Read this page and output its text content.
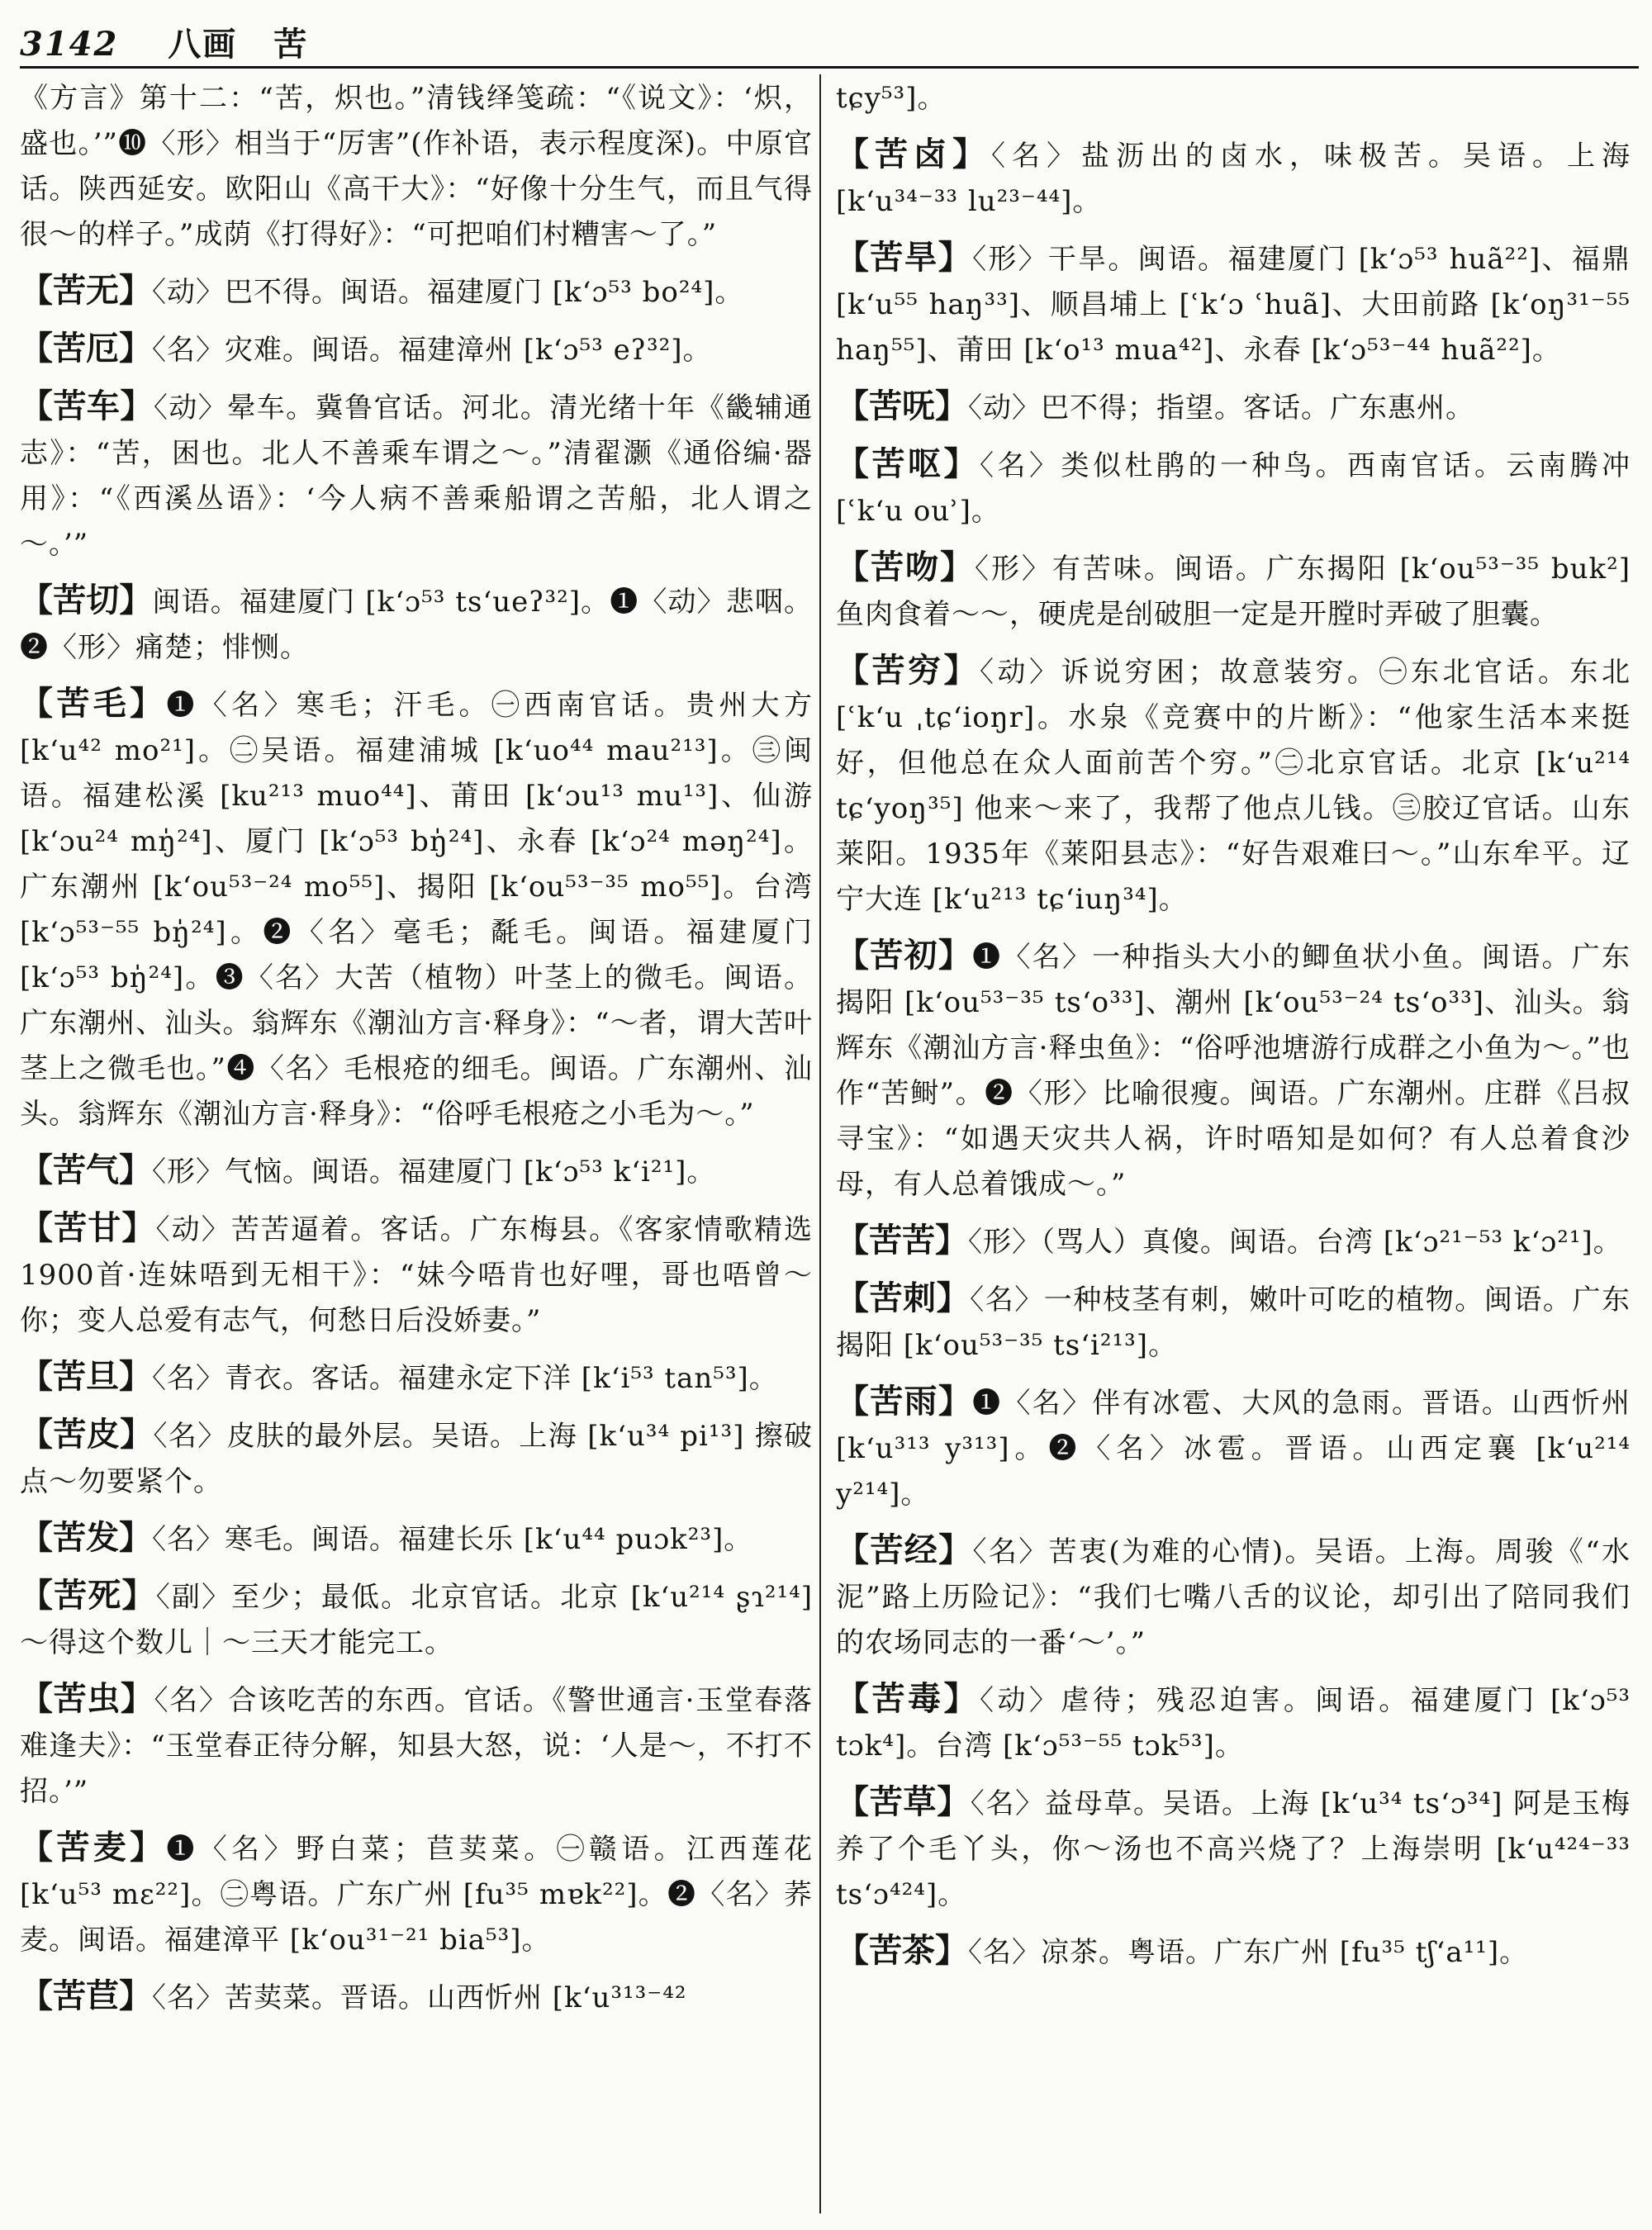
3142 八画 苦

《方言》第十二：“苦，炽也。”清钱绎笺疏：“《说文》：‘炽，盛也。’”❿〈形〉相当于“厉害”(作补语，表示程度深)。中原官话。陕西延安。欧阳山《高干大》：“好像十分生气，而且气得很～的样子。”成荫《打得好》：“可把咱们村糟害～了。”

【苦无】〈动〉巴不得。闽语。福建厦门 [k‘ɔ⁵³ bo²⁴]。

【苦厄】〈名〉灾难。闽语。福建漳州 [k‘ɔ⁵³ eʔ³²]。

【苦车】〈动〉晕车。冀鲁官话。河北。清光绪十年《畿辅通志》：“苦，困也。北人不善乘车谓之～。”清翟灏《通俗编·器用》：“《西溪丛语》：‘今人病不善乘船谓之苦船，北人谓之～。’”

【苦切】闽语。福建厦门 [k‘ɔ⁵³ ts‘ueʔ³²]。❶〈动〉悲咽。❷〈形〉痛楚；悱恻。

【苦毛】❶〈名〉寒毛；汗毛。㊀西南官话。贵州大方 [k‘u⁴² mo²¹]。㊁吴语。福建浦城 [k‘uo⁴⁴ mau²¹³]。㊂闽语。福建松溪 [ku²¹³ muo⁴⁴]、莆田 [k‘ɔu¹³ mu¹³]、仙游 [k‘ɔu²⁴ mŋ̍²⁴]、厦门 [k‘ɔ⁵³ bŋ̍²⁴]、永春 [k‘ɔ²⁴ məŋ²⁴]。广东潮州 [k‘ou⁵³⁻²⁴ mo⁵⁵]、揭阳 [k‘ou⁵³⁻³⁵ mo⁵⁵]。台湾 [k‘ɔ⁵³⁻⁵⁵ bŋ̍²⁴]。❷〈名〉毫毛；氄毛。闽语。福建厦门 [k‘ɔ⁵³ bŋ̍²⁴]。❸〈名〉大苦（植物）叶茎上的微毛。闽语。广东潮州、汕头。翁辉东《潮汕方言·释身》：“～者，谓大苦叶茎上之微毛也。”❹〈名〉毛根疮的细毛。闽语。广东潮州、汕头。翁辉东《潮汕方言·释身》：“俗呼毛根疮之小毛为～。”

【苦气】〈形〉气恼。闽语。福建厦门 [k‘ɔ⁵³ k‘i²¹]。

【苦甘】〈动〉苦苦逼着。客话。广东梅县。《客家情歌精选1900首·连妹唔到无相干》：“妹今唔肯也好哩，哥也唔曾～你；变人总爱有志气，何愁日后没娇妻。”

【苦旦】〈名〉青衣。客话。福建永定下洋 [k‘i⁵³ tan⁵³]。

【苦皮】〈名〉皮肤的最外层。吴语。上海 [k‘u³⁴ pi¹³] 擦破点～勿要紧个。

【苦发】〈名〉寒毛。闽语。福建长乐 [k‘u⁴⁴ puɔk²³]。

【苦死】〈副〉至少；最低。北京官话。北京 [k‘u²¹⁴ ʂɿ²¹⁴] ～得这个数儿｜～三天才能完工。

【苦虫】〈名〉合该吃苦的东西。官话。《警世通言·玉堂春落难逢夫》：“玉堂春正待分解，知县大怒，说：‘人是～，不打不招。’”

【苦麦】❶〈名〉野白菜；苣荬菜。㊀赣语。江西莲花 [k‘u⁵³ mɛ²²]。㊁粤语。广东广州 [fu³⁵ mɐk²²]。❷〈名〉荞麦。闽语。福建漳平 [k‘ou³¹⁻²¹ bia⁵³]。

【苦苣】〈名〉苦荬菜。晋语。山西忻州 [k‘u³¹³⁻⁴²

tɕy⁵³]。

【苦卤】〈名〉盐沥出的卤水，味极苦。吴语。上海 [k‘u³⁴⁻³³ lu²³⁻⁴⁴]。

【苦旱】〈形〉干旱。闽语。福建厦门 [k‘ɔ⁵³ huã²²]、福鼎 [k‘u⁵⁵ haŋ³³]、顺昌埔上 [ʿk‘ɔ ʿhuã]、大田前路 [k‘oŋ³¹⁻⁵⁵ haŋ⁵⁵]、莆田 [k‘o¹³ mua⁴²]、永春 [k‘ɔ⁵³⁻⁴⁴ huã²²]。

【苦呒】〈动〉巴不得；指望。客话。广东惠州。

【苦呕】〈名〉类似杜鹃的一种鸟。西南官话。云南腾冲 [ʿk‘u ouʾ]。

【苦吻】〈形〉有苦味。闽语。广东揭阳 [k‘ou⁵³⁻³⁵ buk²] 鱼肉食着～～，硬虎是刣破胆一定是开膛时弄破了胆囊。

【苦穷】〈动〉诉说穷困；故意装穷。㊀东北官话。东北 [ʿk‘u ˌtɕ‘ioŋr]。水泉《竞赛中的片断》：“他家生活本来挺好，但他总在众人面前苦个穷。”㊁北京官话。北京 [k‘u²¹⁴ tɕ‘yoŋ³⁵] 他来～来了，我帮了他点儿钱。㊂胶辽官话。山东莱阳。1935年《莱阳县志》：“好告艰难曰～。”山东牟平。辽宁大连 [k‘u²¹³ tɕ‘iuŋ³⁴]。

【苦初】❶〈名〉一种指头大小的鲫鱼状小鱼。闽语。广东揭阳 [k‘ou⁵³⁻³⁵ ts‘o³³]、潮州 [k‘ou⁵³⁻²⁴ ts‘o³³]、汕头。翁辉东《潮汕方言·释虫鱼》：“俗呼池塘游行成群之小鱼为～。”也作“苦鲥”。❷〈形〉比喻很瘦。闽语。广东潮州。庄群《吕叔寻宝》：“如遇天灾共人祸，许时唔知是如何？有人总着食沙母，有人总着饿成～。”

【苦苦】〈形〉（骂人）真傻。闽语。台湾 [k‘ɔ²¹⁻⁵³ k‘ɔ²¹]。

【苦刺】〈名〉一种枝茎有刺，嫩叶可吃的植物。闽语。广东揭阳 [k‘ou⁵³⁻³⁵ ts‘i²¹³]。

【苦雨】❶〈名〉伴有冰雹、大风的急雨。晋语。山西忻州 [k‘u³¹³ y³¹³]。❷〈名〉冰雹。晋语。山西定襄 [k‘u²¹⁴ y²¹⁴]。

【苦经】〈名〉苦衷(为难的心情)。吴语。上海。周骏《“水泥”路上历险记》：“我们七嘴八舌的议论，却引出了陪同我们的农场同志的一番‘～’。”

【苦毒】〈动〉虐待；残忍迫害。闽语。福建厦门 [k‘ɔ⁵³ tɔk⁴]。台湾 [k‘ɔ⁵³⁻⁵⁵ tɔk⁵³]。

【苦草】〈名〉益母草。吴语。上海 [k‘u³⁴ ts‘ɔ³⁴] 阿是玉梅养了个毛丫头，你～汤也不高兴烧了？上海崇明 [k‘u⁴²⁴⁻³³ ts‘ɔ⁴²⁴]。

【苦茶】〈名〉凉茶。粤语。广东广州 [fu³⁵ tʃ‘a¹¹]。
